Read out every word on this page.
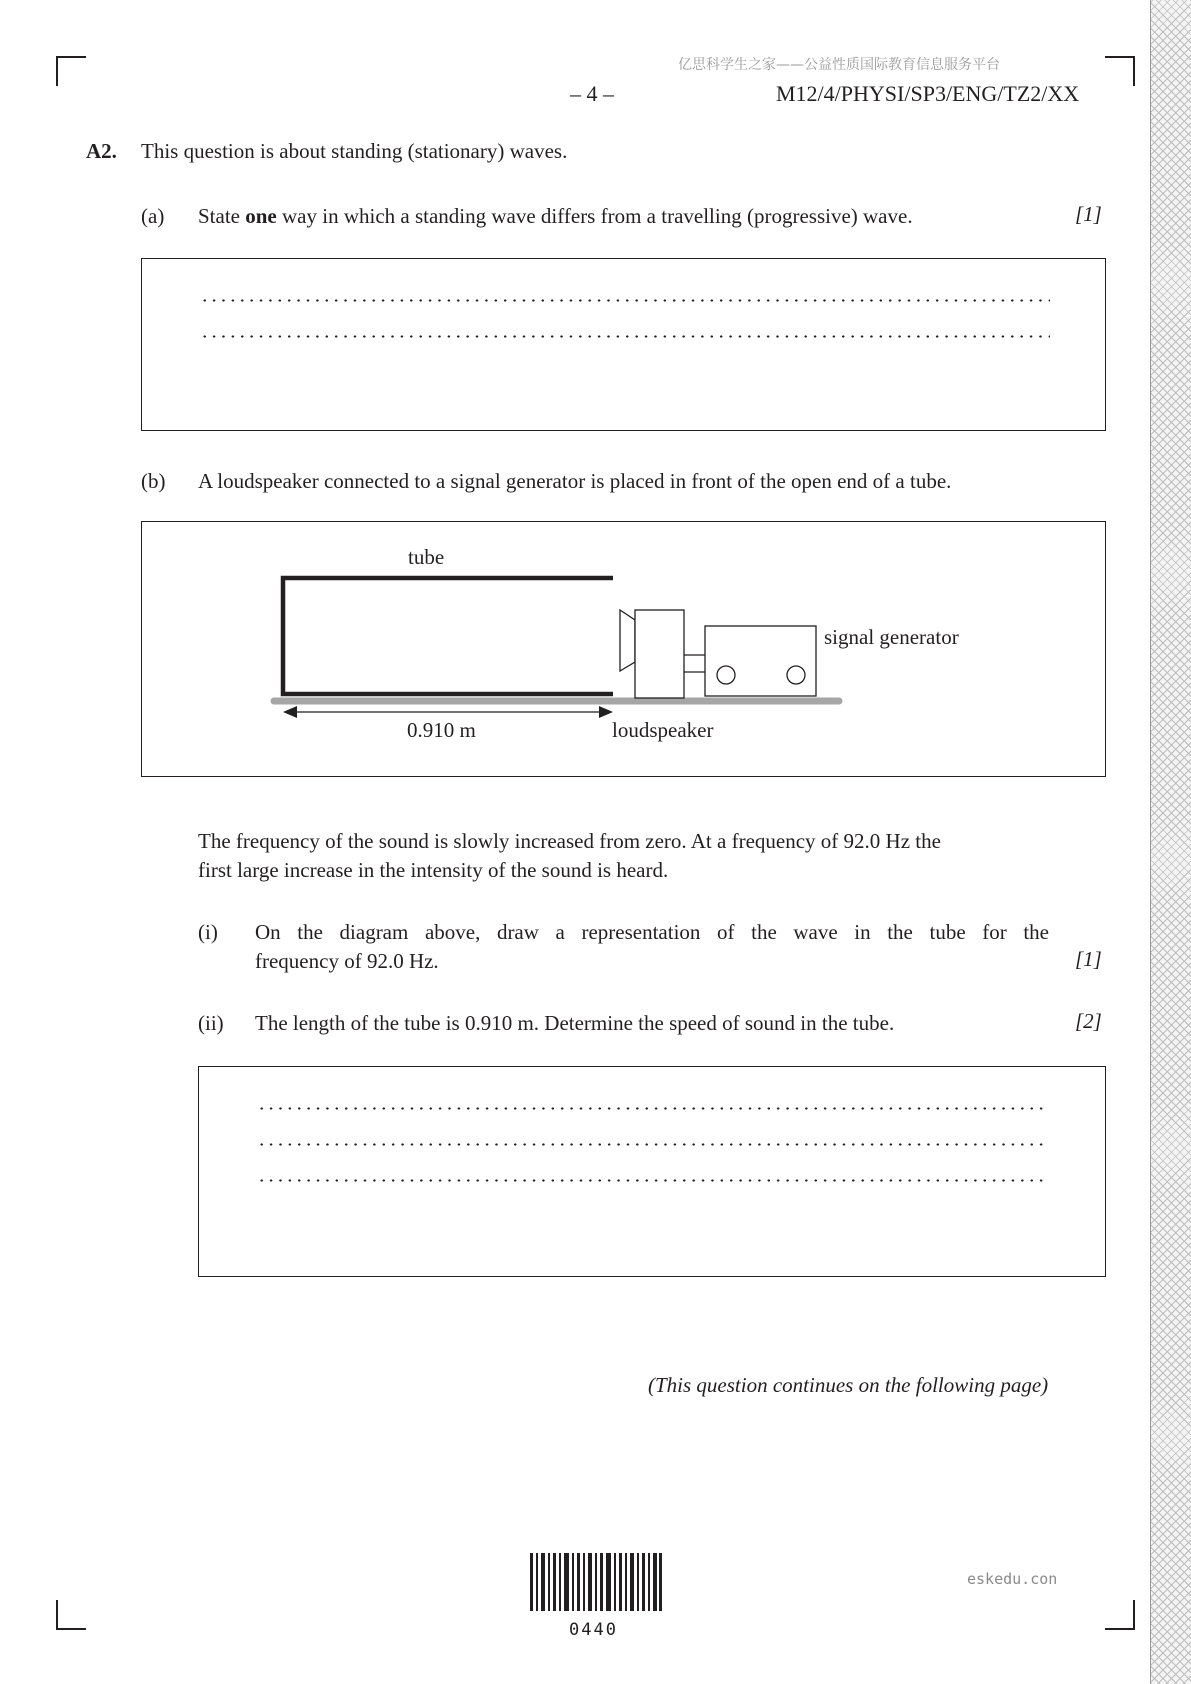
亿思科学生之家——公益性质国际教育信息服务平台
– 4 –	M12/4/PHYSI/SP3/ENG/TZ2/XX
A2. This question is about standing (stationary) waves.
(a) State one way in which a standing wave differs from a travelling (progressive) wave.	[1]
(b) A loudspeaker connected to a signal generator is placed in front of the open end of a tube.
tube
signal generator
0.910 m	loudspeaker
The frequency of the sound is slowly increased from zero. At a frequency of 92.0 Hz the
first large increase in the intensity of the sound is heard.
(i) On the diagram above, draw a representation of the wave in the tube for the
frequency of 92.0 Hz.	[1]
(ii) The length of the tube is 0.910 m. Determine the speed of sound in the tube.	[2]
(This question continues on the following page)
0440
eskedu.con
